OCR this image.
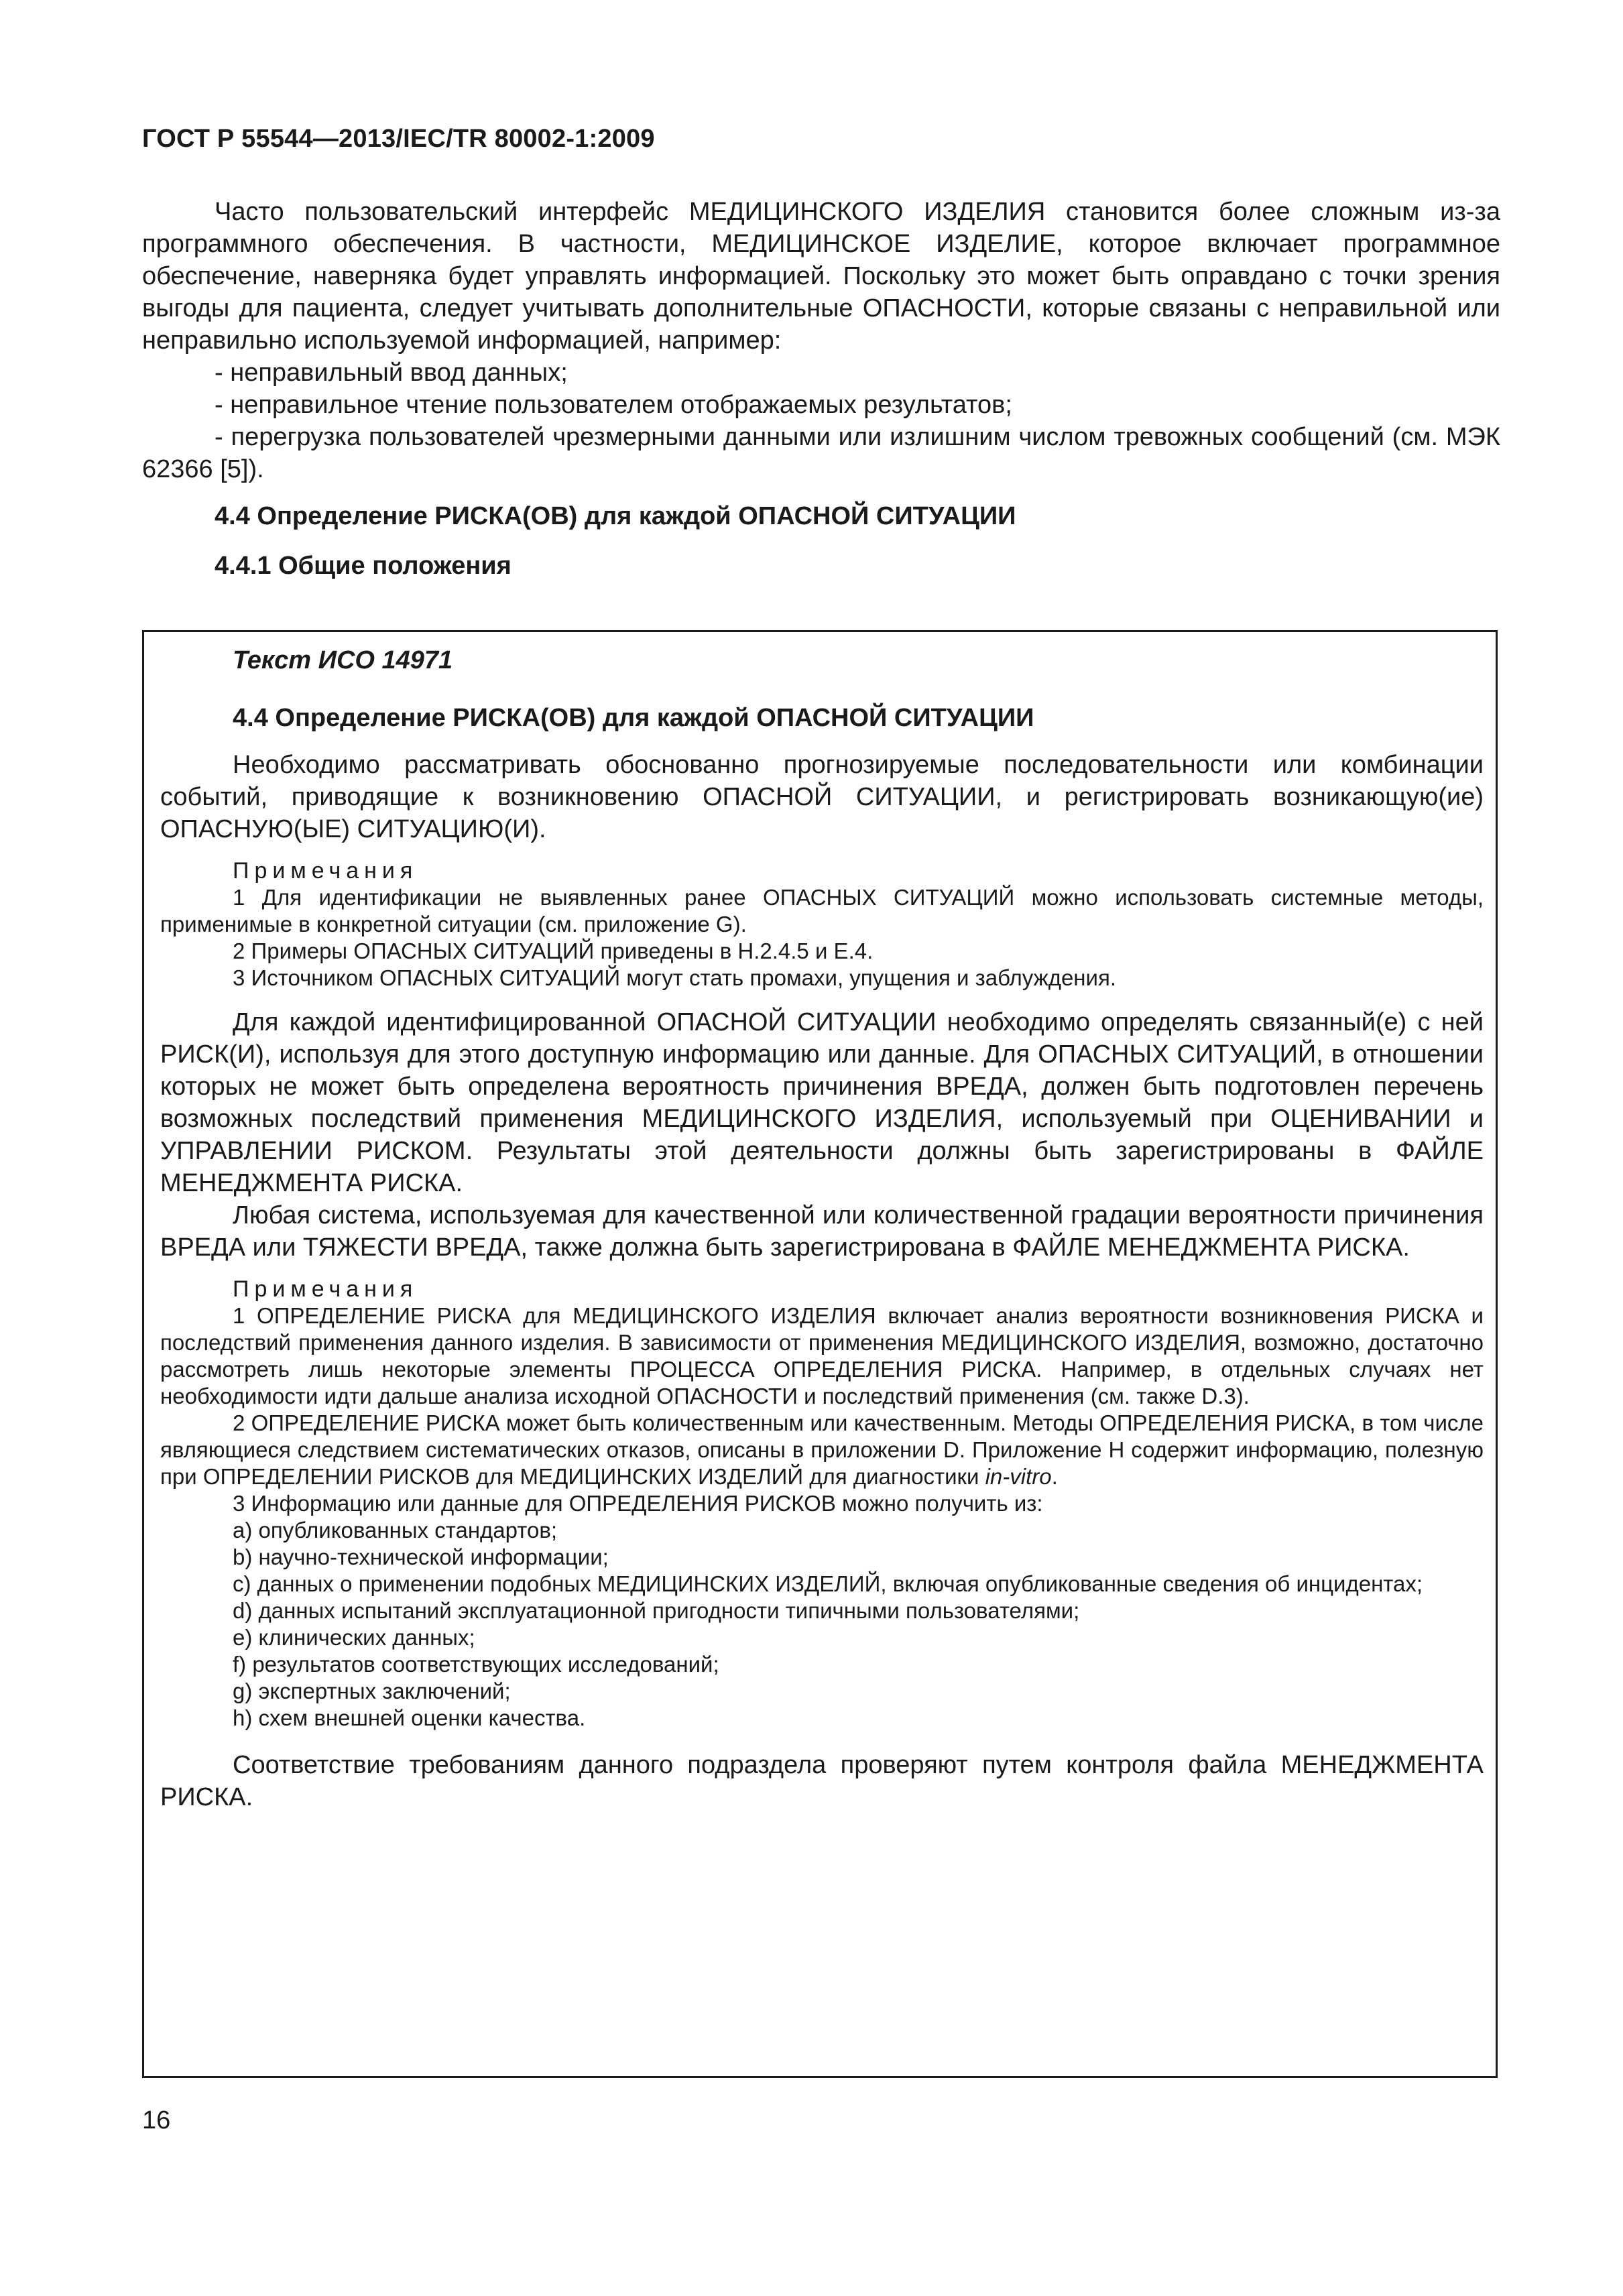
ГОСТ Р 55544—2013/IEC/TR 80002-1:2009

Часто пользовательский интерфейс МЕДИЦИНСКОГО ИЗДЕЛИЯ становится более сложным из-за программного обеспечения. В частности, МЕДИЦИНСКОЕ ИЗДЕЛИЕ, которое включает программное обеспечение, наверняка будет управлять информацией. Поскольку это может быть оправдано с точки зрения выгоды для пациента, следует учитывать дополнительные ОПАСНОСТИ, которые связаны с неправильной или неправильно используемой информацией, например:

- неправильный ввод данных;

- неправильное чтение пользователем отображаемых результатов;

- перегрузка пользователей чрезмерными данными или излишним числом тревожных сообщений (см. МЭК 62366 [5]).

4.4 Определение РИСКА(ОВ) для каждой ОПАСНОЙ СИТУАЦИИ

4.4.1 Общие положения

Текст ИСО 14971

4.4 Определение РИСКА(ОВ) для каждой ОПАСНОЙ СИТУАЦИИ

Необходимо рассматривать обоснованно прогнозируемые последовательности или комбинации событий, приводящие к возникновению ОПАСНОЙ СИТУАЦИИ, и регистрировать возникающую(ие) ОПАСНУЮ(ЫЕ) СИТУАЦИЮ(И).

Примечания

1 Для идентификации не выявленных ранее ОПАСНЫХ СИТУАЦИЙ можно использовать системные методы, применимые в конкретной ситуации (см. приложение G).

2 Примеры ОПАСНЫХ СИТУАЦИЙ приведены в Н.2.4.5 и Е.4.

3 Источником ОПАСНЫХ СИТУАЦИЙ могут стать промахи, упущения и заблуждения.

Для каждой идентифицированной ОПАСНОЙ СИТУАЦИИ необходимо определять связанный(е) с ней РИСК(И), используя для этого доступную информацию или данные. Для ОПАСНЫХ СИТУАЦИЙ, в отношении которых не может быть определена вероятность причинения ВРЕДА, должен быть подготовлен перечень возможных последствий применения МЕДИЦИНСКОГО ИЗДЕЛИЯ, используемый при ОЦЕНИВАНИИ и УПРАВЛЕНИИ РИСКОМ. Результаты этой деятельности должны быть зарегистрированы в ФАЙЛЕ МЕНЕДЖМЕНТА РИСКА.

Любая система, используемая для качественной или количественной градации вероятности причинения ВРЕДА или ТЯЖЕСТИ ВРЕДА, также должна быть зарегистрирована в ФАЙЛЕ МЕНЕДЖМЕНТА РИСКА.

Примечания

1 ОПРЕДЕЛЕНИЕ РИСКА для МЕДИЦИНСКОГО ИЗДЕЛИЯ включает анализ вероятности возникновения РИСКА и последствий применения данного изделия. В зависимости от применения МЕДИЦИНСКОГО ИЗДЕЛИЯ, возможно, достаточно рассмотреть лишь некоторые элементы ПРОЦЕССА ОПРЕДЕЛЕНИЯ РИСКА. Например, в отдельных случаях нет необходимости идти дальше анализа исходной ОПАСНОСТИ и последствий применения (см. также D.3).

2 ОПРЕДЕЛЕНИЕ РИСКА может быть количественным или качественным. Методы ОПРЕДЕЛЕНИЯ РИСКА, в том числе являющиеся следствием систематических отказов, описаны в приложении D. Приложение Н содержит информацию, полезную при ОПРЕДЕЛЕНИИ РИСКОВ для МЕДИЦИНСКИХ ИЗДЕЛИЙ для диагностики in-vitro.

3 Информацию или данные для ОПРЕДЕЛЕНИЯ РИСКОВ можно получить из:

а) опубликованных стандартов;

b) научно-технической информации;

с) данных о применении подобных МЕДИЦИНСКИХ ИЗДЕЛИЙ, включая опубликованные сведения об инцидентах;

d) данных испытаний эксплуатационной пригодности типичными пользователями;

е) клинических данных;

f) результатов соответствующих исследований;

g) экспертных заключений;

h) схем внешней оценки качества.

Соответствие требованиям данного подраздела проверяют путем контроля файла МЕНЕДЖМЕНТА РИСКА.

16
